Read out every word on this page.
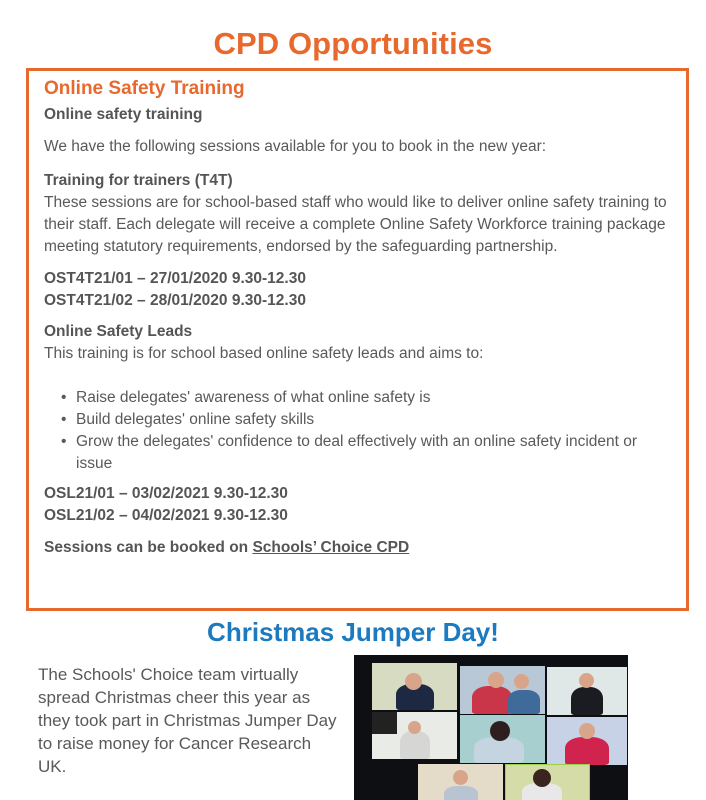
CPD Opportunities
Online Safety Training
Online safety training

We have the following sessions available for you to book in the new year:

Training for trainers (T4T)

These sessions are for school-based staff who would like to deliver online safety training to their staff. Each delegate will receive a complete Online Safety Workforce training package meeting statutory requirements, endorsed by the safeguarding partnership.

OST4T21/01 – 27/01/2020 9.30-12.30
OST4T21/02 – 28/01/2020 9.30-12.30
Online Safety Leads

This training is for school based online safety leads and aims to:

• Raise delegates' awareness of what online safety is
• Build delegates' online safety skills
• Grow the delegates' confidence to deal effectively with an online safety incident or issue
OSL21/01 – 03/02/2021 9.30-12.30
OSL21/02 – 04/02/2021 9.30-12.30
Sessions can be booked on Schools’ Choice CPD
Christmas Jumper Day!
The Schools' Choice team virtually spread Christmas cheer this year as they took part in Christmas Jumper Day to raise money for Cancer Research UK.
